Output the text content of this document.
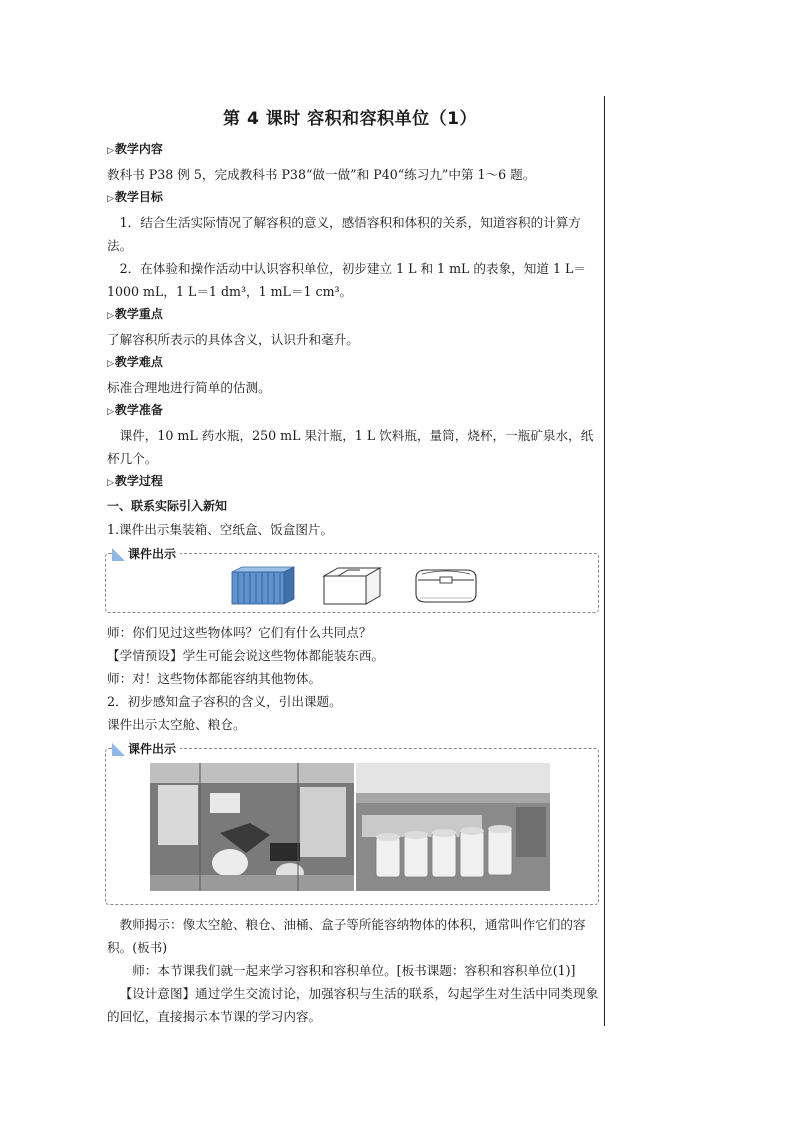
第 4 课时 容积和容积单位（1）
▷教学内容

教科书 P38 例 5，完成教科书 P38“做一做”和 P40“练习九”中第 1～6 题。

▷教学目标

1．结合生活实际情况了解容积的意义，感悟容积和体积的关系，知道容积的计算方法。

2．在体验和操作活动中认识容积单位，初步建立 1 L 和 1 mL 的表象，知道 1 L＝1000 mL，1 L＝1 dm³，1 mL＝1 cm³。

▷教学重点

了解容积所表示的具体含义，认识升和毫升。

▷教学难点

标准合理地进行简单的估测。

▷教学准备

课件，10 mL 药水瓶，250 mL 果汁瓶，1 L 饮料瓶，量筒，烧杯，一瓶矿泉水，纸杯几个。

▷教学过程
一、联系实际引入新知

1.课件出示集装箱、空纸盒、饭盒图片。

课件出示

师：你们见过这些物体吗？它们有什么共同点？

【学情预设】学生可能会说这些物体都能装东西。

师：对！这些物体都能容纳其他物体。

2．初步感知盒子容积的含义，引出课题。

课件出示太空舱、粮仓。

课件出示

教师揭示：像太空舱、粮仓、油桶、盒子等所能容纳物体的体积，通常叫作它们的容积。(板书)

师：本节课我们就一起来学习容积和容积单位。[板书课题：容积和容积单位(1)]

【设计意图】通过学生交流讨论，加强容积与生活的联系，勾起学生对生活中同类现象的回忆，直接揭示本节课的学习内容。
